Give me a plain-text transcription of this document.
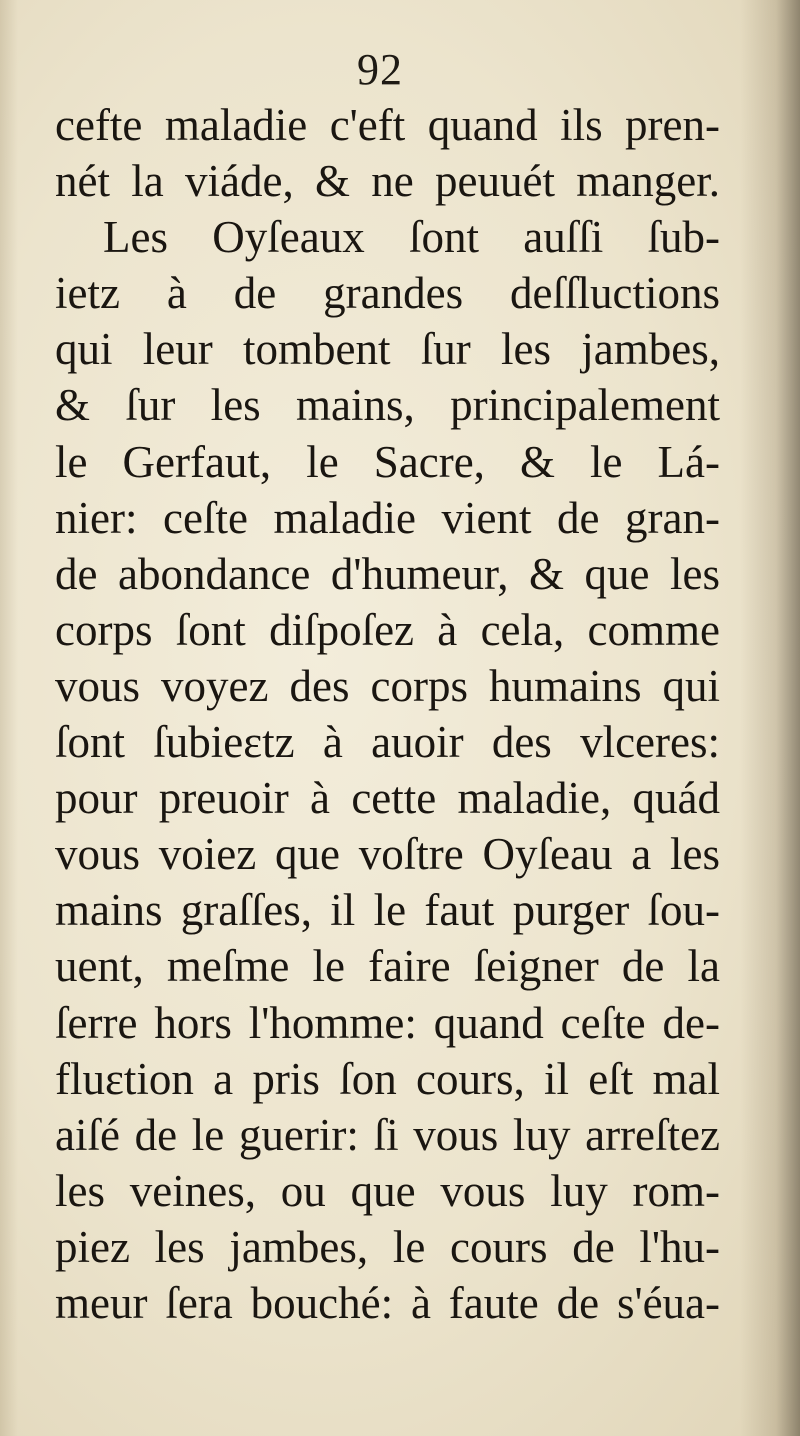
92
cefte maladie c'eft quand ils pren-
nét la viáde, & ne peuuét manger.
Les Oyſeaux ſont auſſi ſub-
ietz à de grandes deſſluctions
qui leur tombent ſur les jambes,
& ſur les mains, principalement
le Gerfaut, le Sacre, & le Lá-
nier: ceſte maladie vient de gran-
de abondance d'humeur, & que les
corps ſont diſpoſez à cela, comme
vous voyez des corps humains qui
ſont ſubieɛtz à auoir des vlceres:
pour preuoir à cette maladie, quád
vous voiez que voſtre Oyſeau a les
mains graſſes, il le faut purger ſou-
uent, meſme le faire ſeigner de la
ſerre hors l'homme: quand ceſte de-
fluɛtion a pris ſon cours, il eſt mal
aiſé de le guerir: ſi vous luy arreſtez
les veines, ou que vous luy rom-
piez les jambes, le cours de l'hu-
meur ſera bouché: à faute de s'éua-
